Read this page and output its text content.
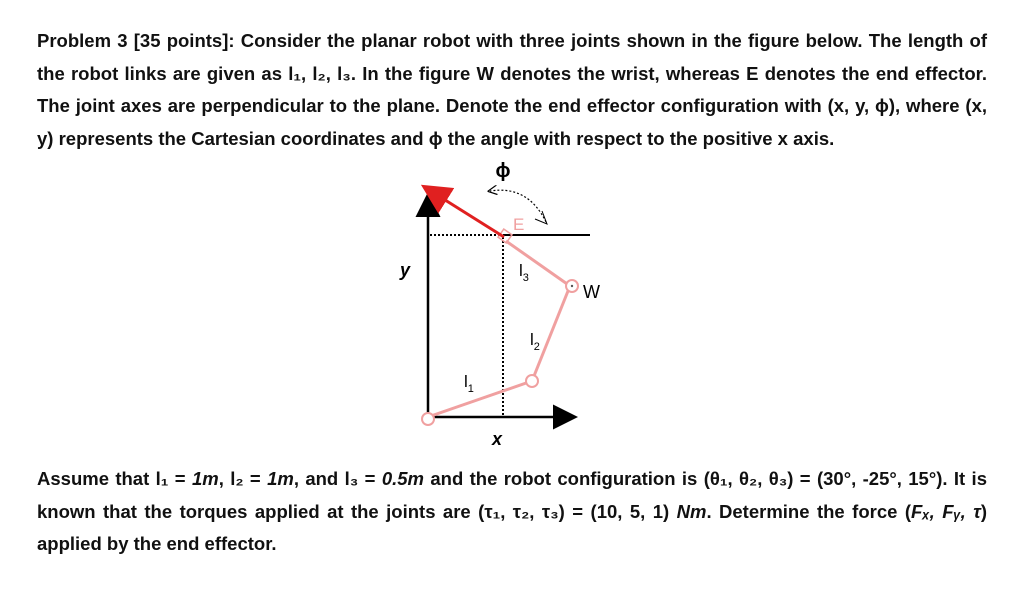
Problem 3 [35 points]: Consider the planar robot with three joints shown in the figure below. The length of the robot links are given as l₁, l₂, l₃. In the figure W denotes the wrist, whereas E denotes the end effector. The joint axes are perpendicular to the plane. Denote the end effector configuration with (x, y, ϕ), where (x, y) represents the Cartesian coordinates and ϕ the angle with respect to the positive x axis.

ϕ
E
W
y
x
$l_1$
$l_2$
$l_3$

Assume that l₁ = 1m, l₂ = 1m, and l₃ = 0.5m and the robot configuration is (θ₁, θ₂, θ₃) = (30°, -25°, 15°). It is known that the torques applied at the joints are (τ₁, τ₂, τ₃) = (10, 5, 1) Nm. Determine the force (Fₓ, Fᵧ, τ) applied by the end effector.
